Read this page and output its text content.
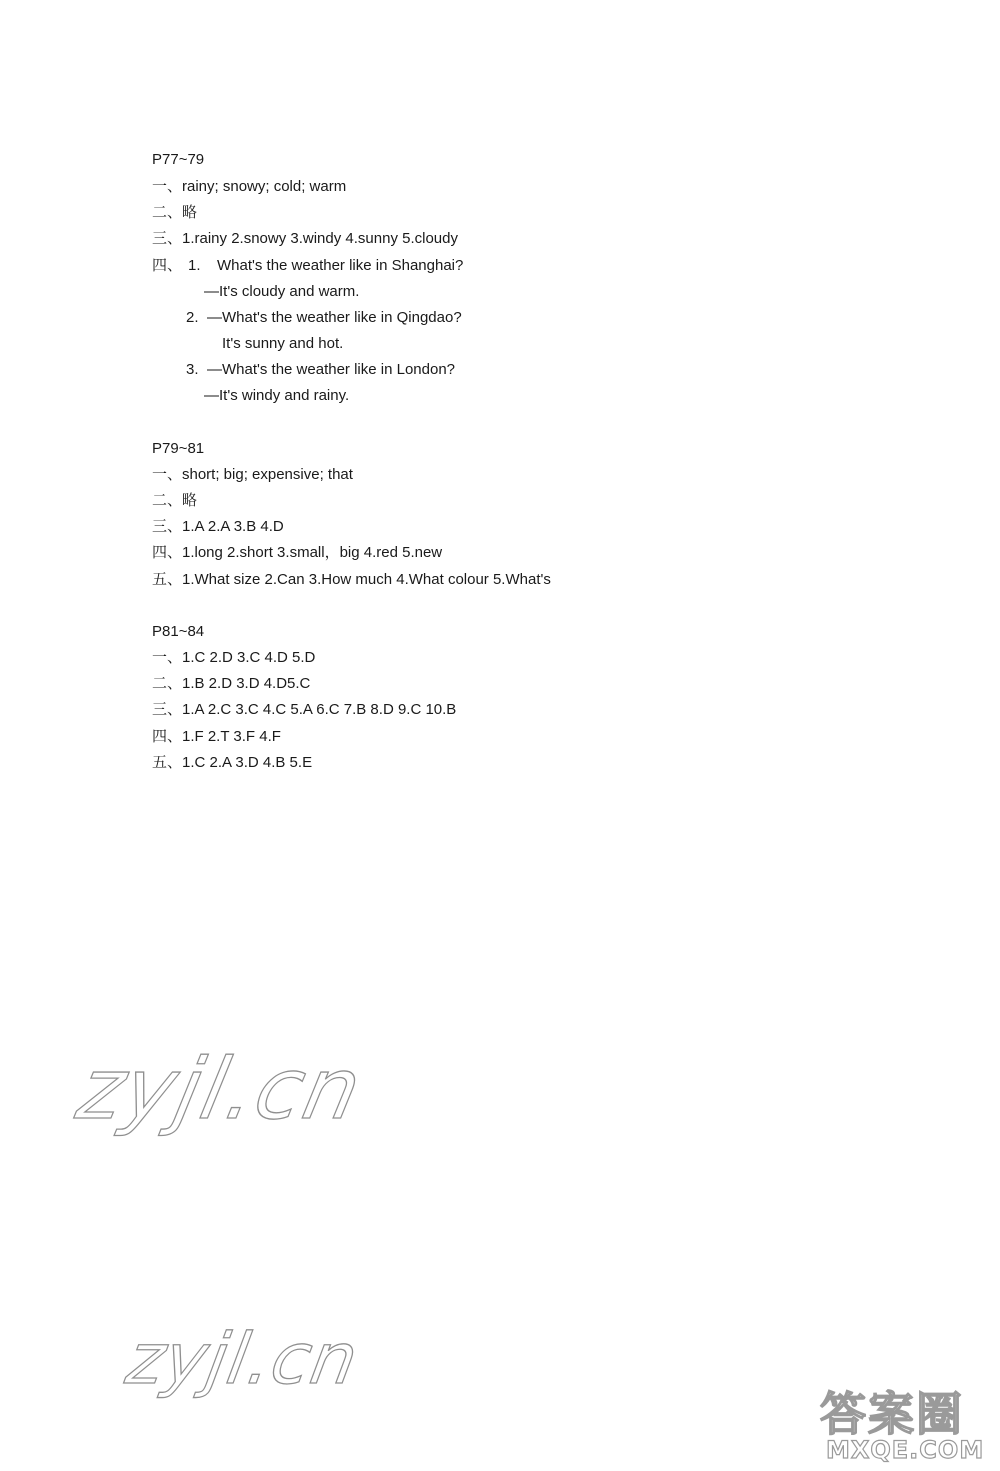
P77~79
一、rainy; snowy; cold; warm
二、略
三、1.rainy 2.snowy 3.windy 4.sunny 5.cloudy
四、 1. What's the weather like in Shanghai?
—It's cloudy and warm.
2. —What's the weather like in Qingdao?
It's sunny and hot.
3. —What's the weather like in London?
—It's windy and rainy.
P79~81
一、short; big; expensive; that
二、略
三、1.A 2.A 3.B 4.D
四、1.long 2.short 3.small，big 4.red 5.new
五、1.What size 2.Can 3.How much 4.What colour 5.What's
P81~84
一、1.C 2.D 3.C 4.D 5.D
二、1.B 2.D 3.D 4.D5.C
三、1.A 2.C 3.C 4.C 5.A 6.C 7.B 8.D 9.C 10.B
四、1.F 2.T 3.F 4.F
五、1.C 2.A 3.D 4.B 5.E
zyjl.cn
zyjl.cn
答案圈
MXQE.COM
